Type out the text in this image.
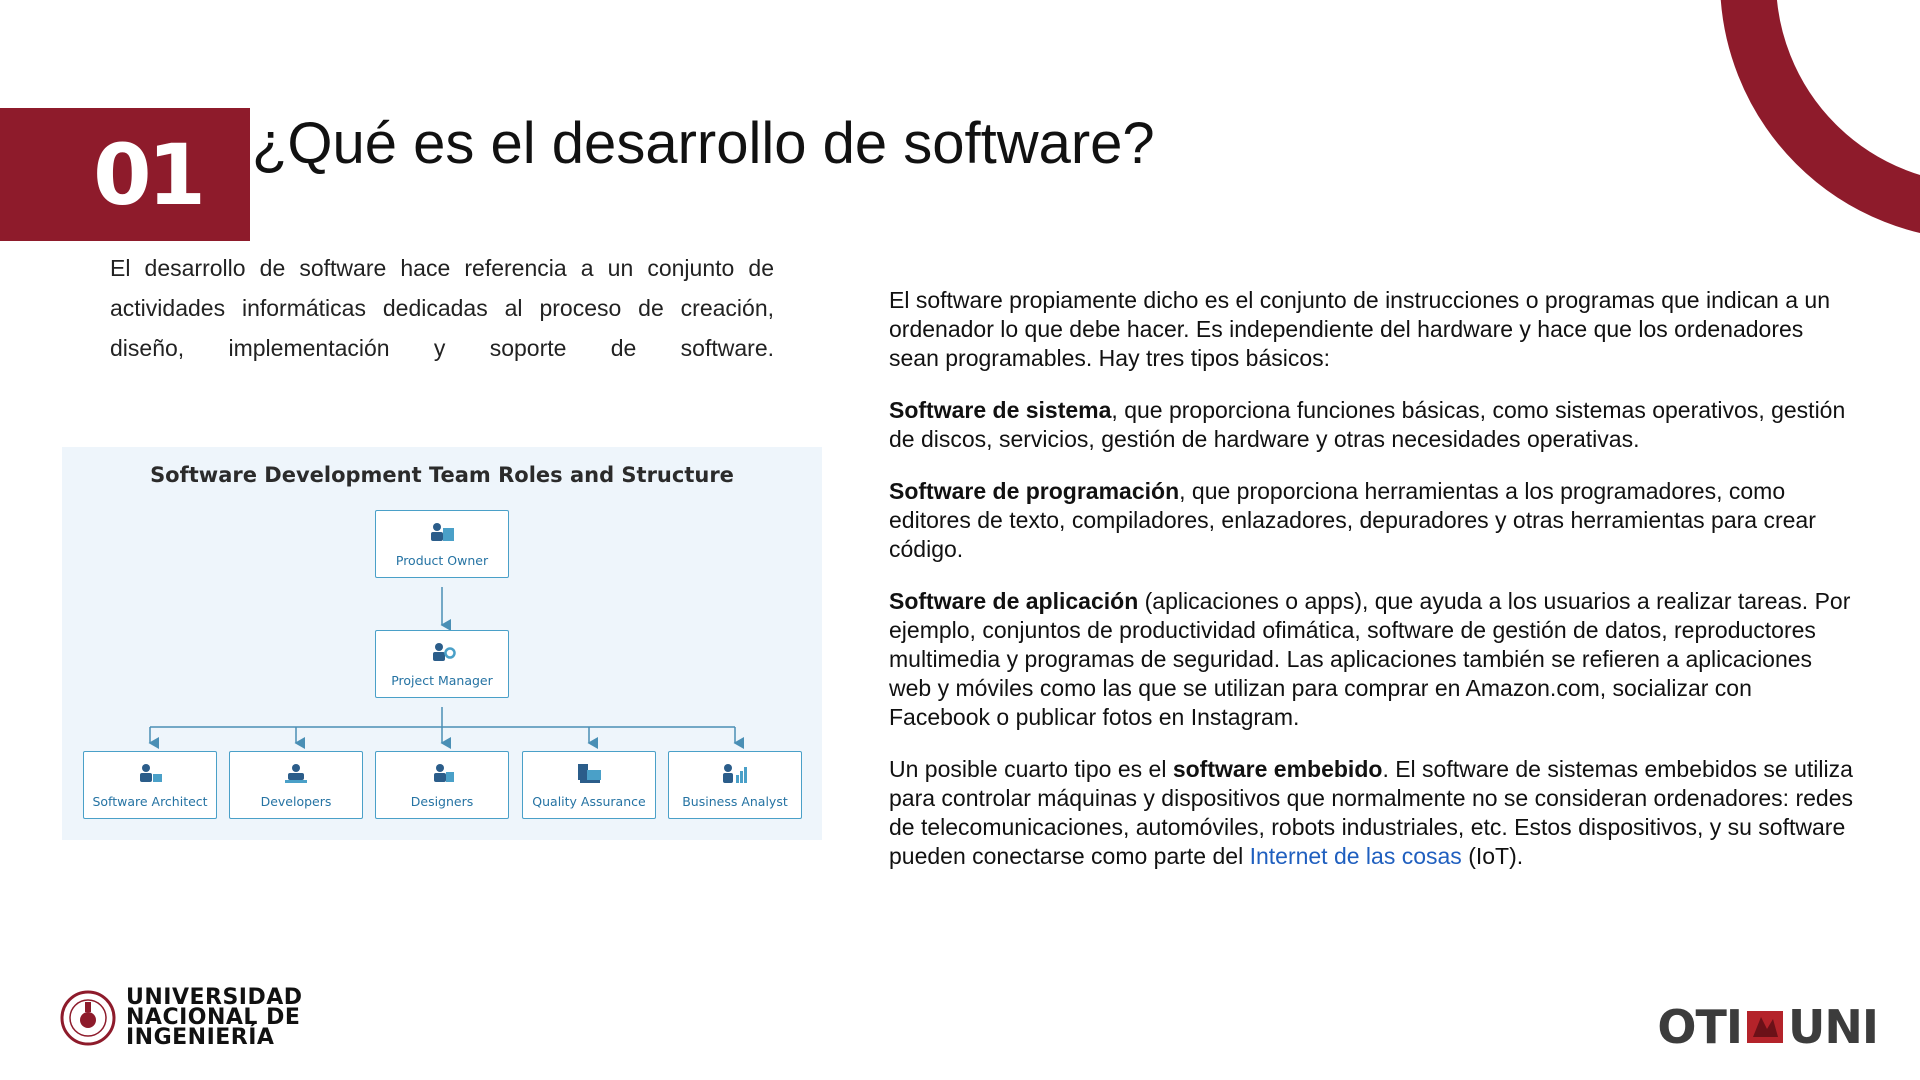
01 ¿Qué es el desarrollo de software?

El desarrollo de software hace referencia a un conjunto de actividades informáticas dedicadas al proceso de creación, diseño, implementación y soporte de software.

Software Development Team Roles and Structure
Product Owner
Project Manager
Software Architect	Developers	Designers	Quality Assurance	Business Analyst

El software propiamente dicho es el conjunto de instrucciones o programas que indican a un ordenador lo que debe hacer. Es independiente del hardware y hace que los ordenadores sean programables. Hay tres tipos básicos:

Software de sistema, que proporciona funciones básicas, como sistemas operativos, gestión de discos, servicios, gestión de hardware y otras necesidades operativas.

Software de programación, que proporciona herramientas a los programadores, como editores de texto, compiladores, enlazadores, depuradores y otras herramientas para crear código.

Software de aplicación (aplicaciones o apps), que ayuda a los usuarios a realizar tareas. Por ejemplo, conjuntos de productividad ofimática, software de gestión de datos, reproductores multimedia y programas de seguridad. Las aplicaciones también se refieren a aplicaciones web y móviles como las que se utilizan para comprar en Amazon.com, socializar con Facebook o publicar fotos en Instagram.

Un posible cuarto tipo es el software embebido. El software de sistemas embebidos se utiliza para controlar máquinas y dispositivos que normalmente no se consideran ordenadores: redes de telecomunicaciones, automóviles, robots industriales, etc. Estos dispositivos, y su software pueden conectarse como parte del Internet de las cosas (IoT).

UNIVERSIDAD
NACIONAL DE
INGENIERÍA	OTI UNI
